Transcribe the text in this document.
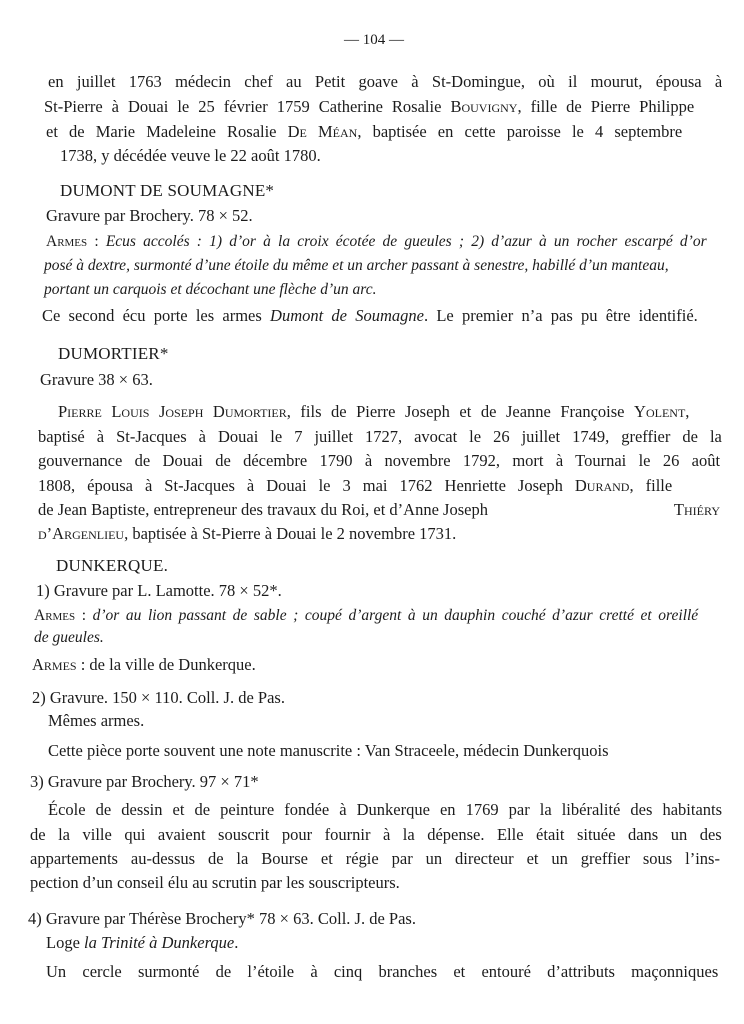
— 104 —
en juillet 1763 médecin chef au Petit goave à St-Domingue, où il mourut, épousa à
St-Pierre à Douai le 25 février 1759 Catherine Rosalie Bouvigny, fille de Pierre Philippe
et de Marie Madeleine Rosalie De Méan, baptisée en cette paroisse le 4 septembre
1738, y décédée veuve le 22 août 1780.
DUMONT DE SOUMAGNE*
Gravure par Brochery. 78 × 52.
Armes : Ecus accolés : 1) d’or à la croix écotée de gueules ; 2) d’azur à un rocher escarpé d’or
posé à dextre, surmonté d’une étoile du même et un archer passant à senestre, habillé d’un manteau,
portant un carquois et décochant une flèche d’un arc.
Ce second écu porte les armes Dumont de Soumagne. Le premier n’a pas pu être identifié.
DUMORTIER*
Gravure 38 × 63.
Pierre Louis Joseph Dumortier, fils de Pierre Joseph et de Jeanne Françoise Yolent,
baptisé à St-Jacques à Douai le 7 juillet 1727, avocat le 26 juillet 1749, greffier de la
gouvernance de Douai de décembre 1790 à novembre 1792, mort à Tournai le 26 août
1808, épousa à St-Jacques à Douai le 3 mai 1762 Henriette Joseph Durand, fille
de Jean Baptiste, entrepreneur des travaux du Roi, et d’Anne Joseph	Thiéry
d’Argenlieu, baptisée à St-Pierre à Douai le 2 novembre 1731.
DUNKERQUE.
1) Gravure par L. Lamotte. 78 × 52*.
Armes : d’or au lion passant de sable ; coupé d’argent à un dauphin couché d’azur cretté et oreillé
de gueules.
Armes : de la ville de Dunkerque.
2) Gravure. 150 × 110. Coll. J. de Pas.
Mêmes armes.
Cette pièce porte souvent une note manuscrite : Van Straceele, médecin Dunkerquois
3) Gravure par Brochery. 97 × 71*
École de dessin et de peinture fondée à Dunkerque en 1769 par la libéralité des habitants
de la ville qui avaient souscrit pour fournir à la dépense. Elle était située dans un des
appartements au-dessus de la Bourse et régie par un directeur et un greffier sous l’ins-
pection d’un conseil élu au scrutin par les souscripteurs.
4) Gravure par Thérèse Brochery* 78 × 63. Coll. J. de Pas.
Loge la Trinité à Dunkerque.
Un cercle surmonté de l’étoile à cinq branches et entouré d’attributs maçonniques
